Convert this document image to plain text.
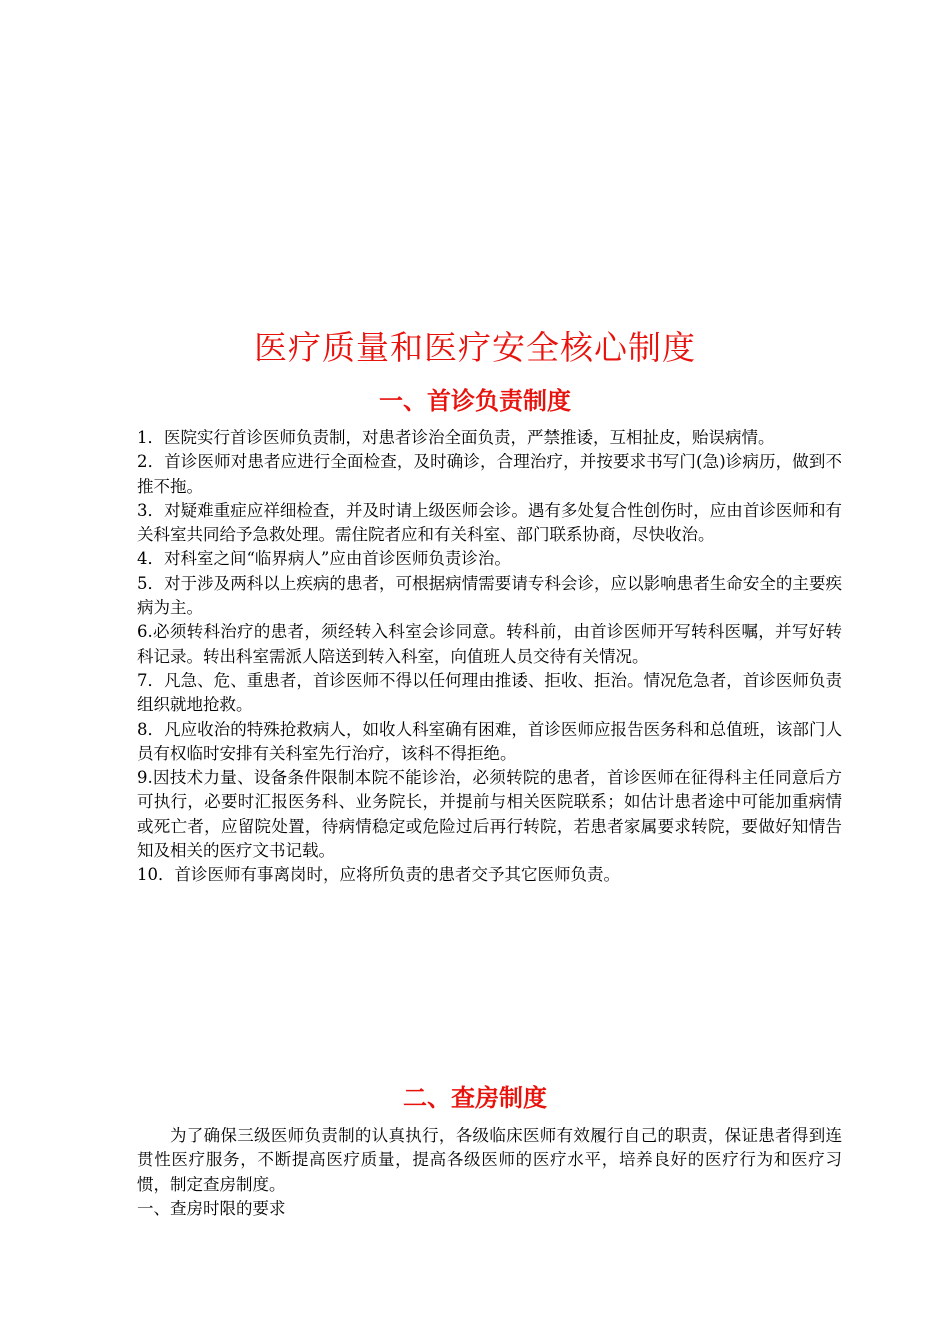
医疗质量和医疗安全核心制度
一、首诊负责制度
1．医院实行首诊医师负责制，对患者诊治全面负责，严禁推诿，互相扯皮，贻误病情。
2．首诊医师对患者应进行全面检查，及时确诊，合理治疗，并按要求书写门(急)诊病历，做到不推不拖。
3．对疑难重症应祥细检查，并及时请上级医师会诊。遇有多处复合性创伤时，应由首诊医师和有关科室共同给予急救处理。需住院者应和有关科室、部门联系协商，尽快收治。
4．对科室之间“临界病人”应由首诊医师负责诊治。
5．对于涉及两科以上疾病的患者，可根据病情需要请专科会诊，应以影响患者生命安全的主要疾病为主。
6.必须转科治疗的患者，须经转入科室会诊同意。转科前，由首诊医师开写转科医嘱，并写好转科记录。转出科室需派人陪送到转入科室，向值班人员交待有关情况。
7．凡急、危、重患者，首诊医师不得以任何理由推诿、拒收、拒治。情况危急者，首诊医师负责组织就地抢救。
8．凡应收治的特殊抢救病人，如收人科室确有困难，首诊医师应报告医务科和总值班，该部门人员有权临时安排有关科室先行治疗，该科不得拒绝。
9.因技术力量、设备条件限制本院不能诊治，必须转院的患者，首诊医师在征得科主任同意后方可执行，必要时汇报医务科、业务院长，并提前与相关医院联系；如估计患者途中可能加重病情或死亡者，应留院处置，待病情稳定或危险过后再行转院，若患者家属要求转院，要做好知情告知及相关的医疗文书记载。
10．首诊医师有事离岗时，应将所负责的患者交予其它医师负责。
二、查房制度

为了确保三级医师负责制的认真执行，各级临床医师有效履行自己的职责，保证患者得到连贯性医疗服务，不断提高医疗质量，提高各级医师的医疗水平，培养良好的医疗行为和医疗习惯，制定查房制度。

一、查房时限的要求
